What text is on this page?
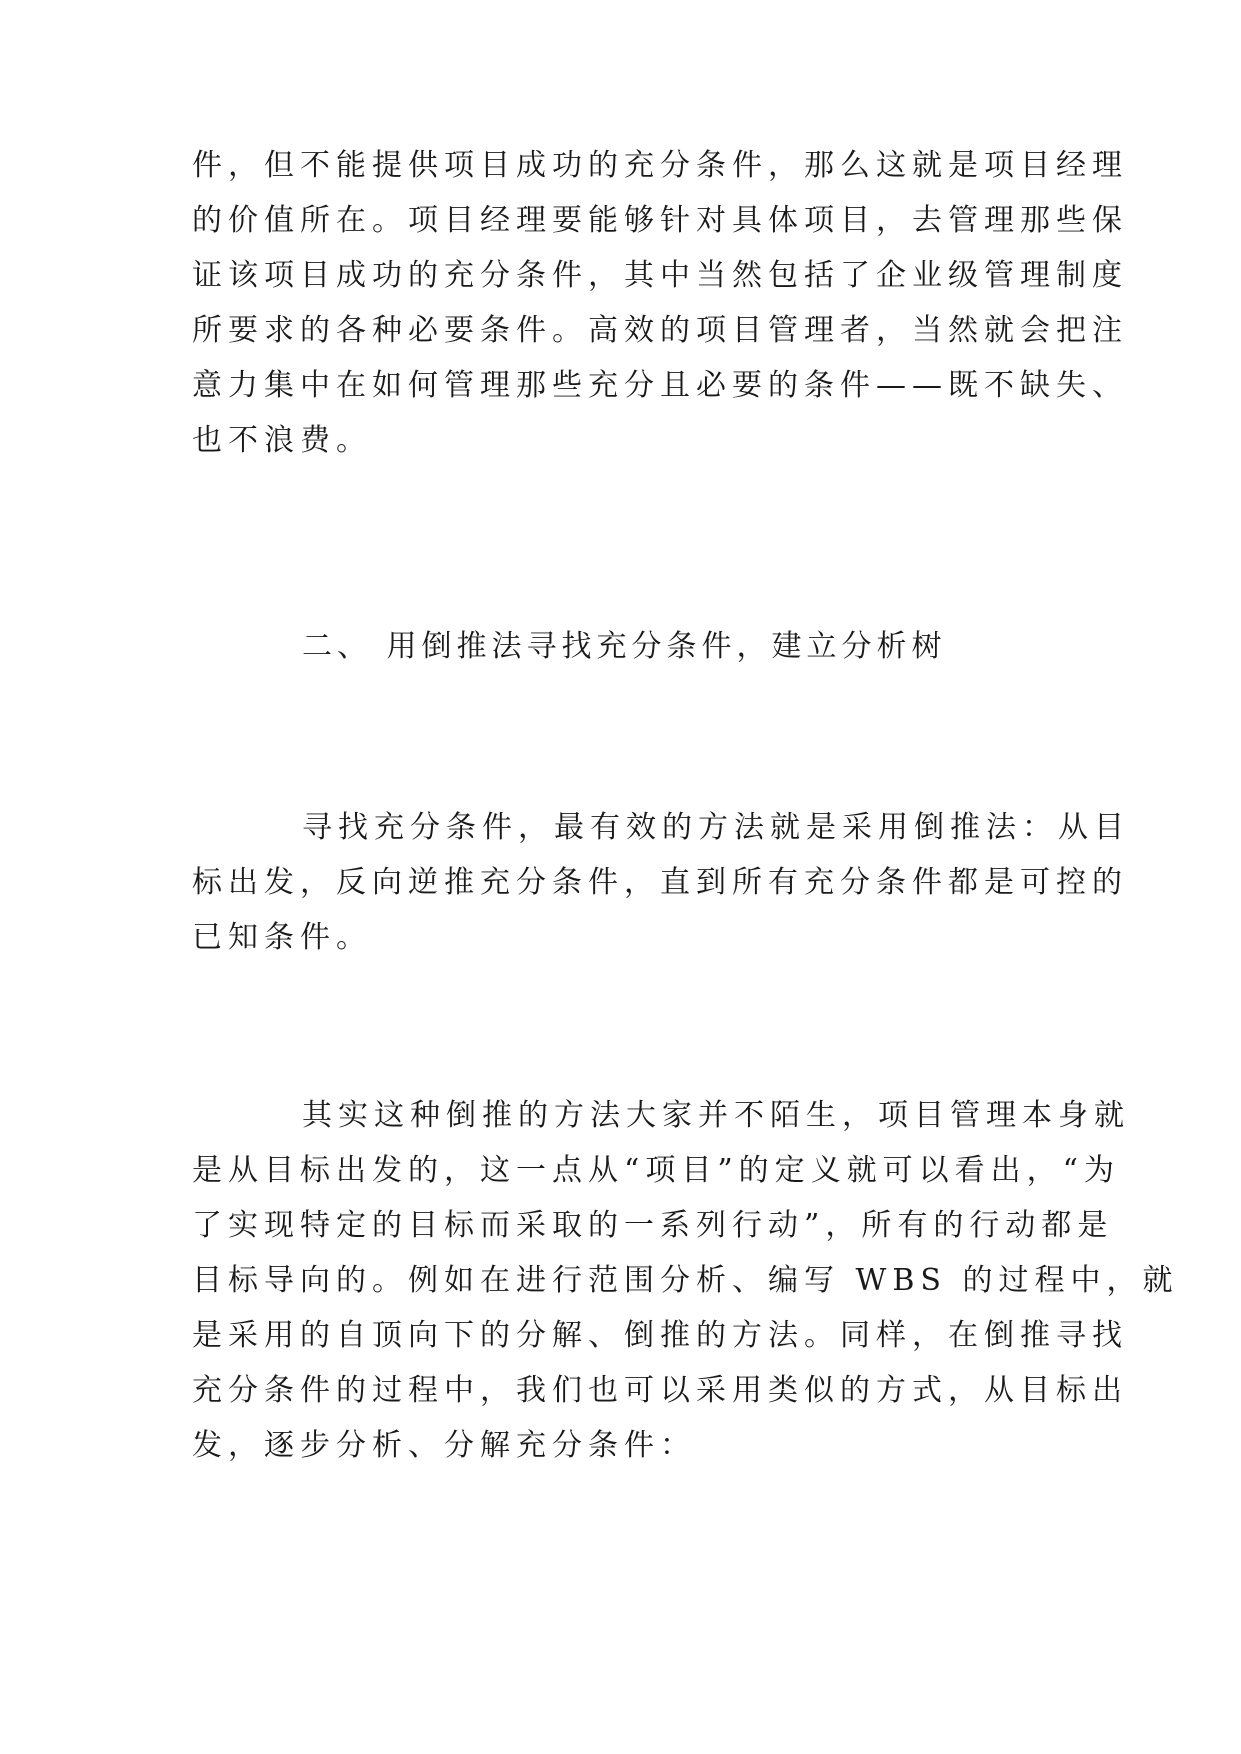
件，但不能提供项目成功的充分条件，那么这就是项目经理
的价值所在。项目经理要能够针对具体项目，去管理那些保
证该项目成功的充分条件，其中当然包括了企业级管理制度
所要求的各种必要条件。高效的项目管理者，当然就会把注
意力集中在如何管理那些充分且必要的条件——既不缺失、
也不浪费。
二、 用倒推法寻找充分条件，建立分析树
寻找充分条件，最有效的方法就是采用倒推法：从目
标出发，反向逆推充分条件，直到所有充分条件都是可控的
已知条件。
其实这种倒推的方法大家并不陌生，项目管理本身就
是从目标出发的，这一点从“项目”的定义就可以看出，“为
了实现特定的目标而采取的一系列行动”，所有的行动都是
目标导向的。例如在进行范围分析、编写 WBS 的过程中，就
是采用的自顶向下的分解、倒推的方法。同样，在倒推寻找
充分条件的过程中，我们也可以采用类似的方式，从目标出
发，逐步分析、分解充分条件：
